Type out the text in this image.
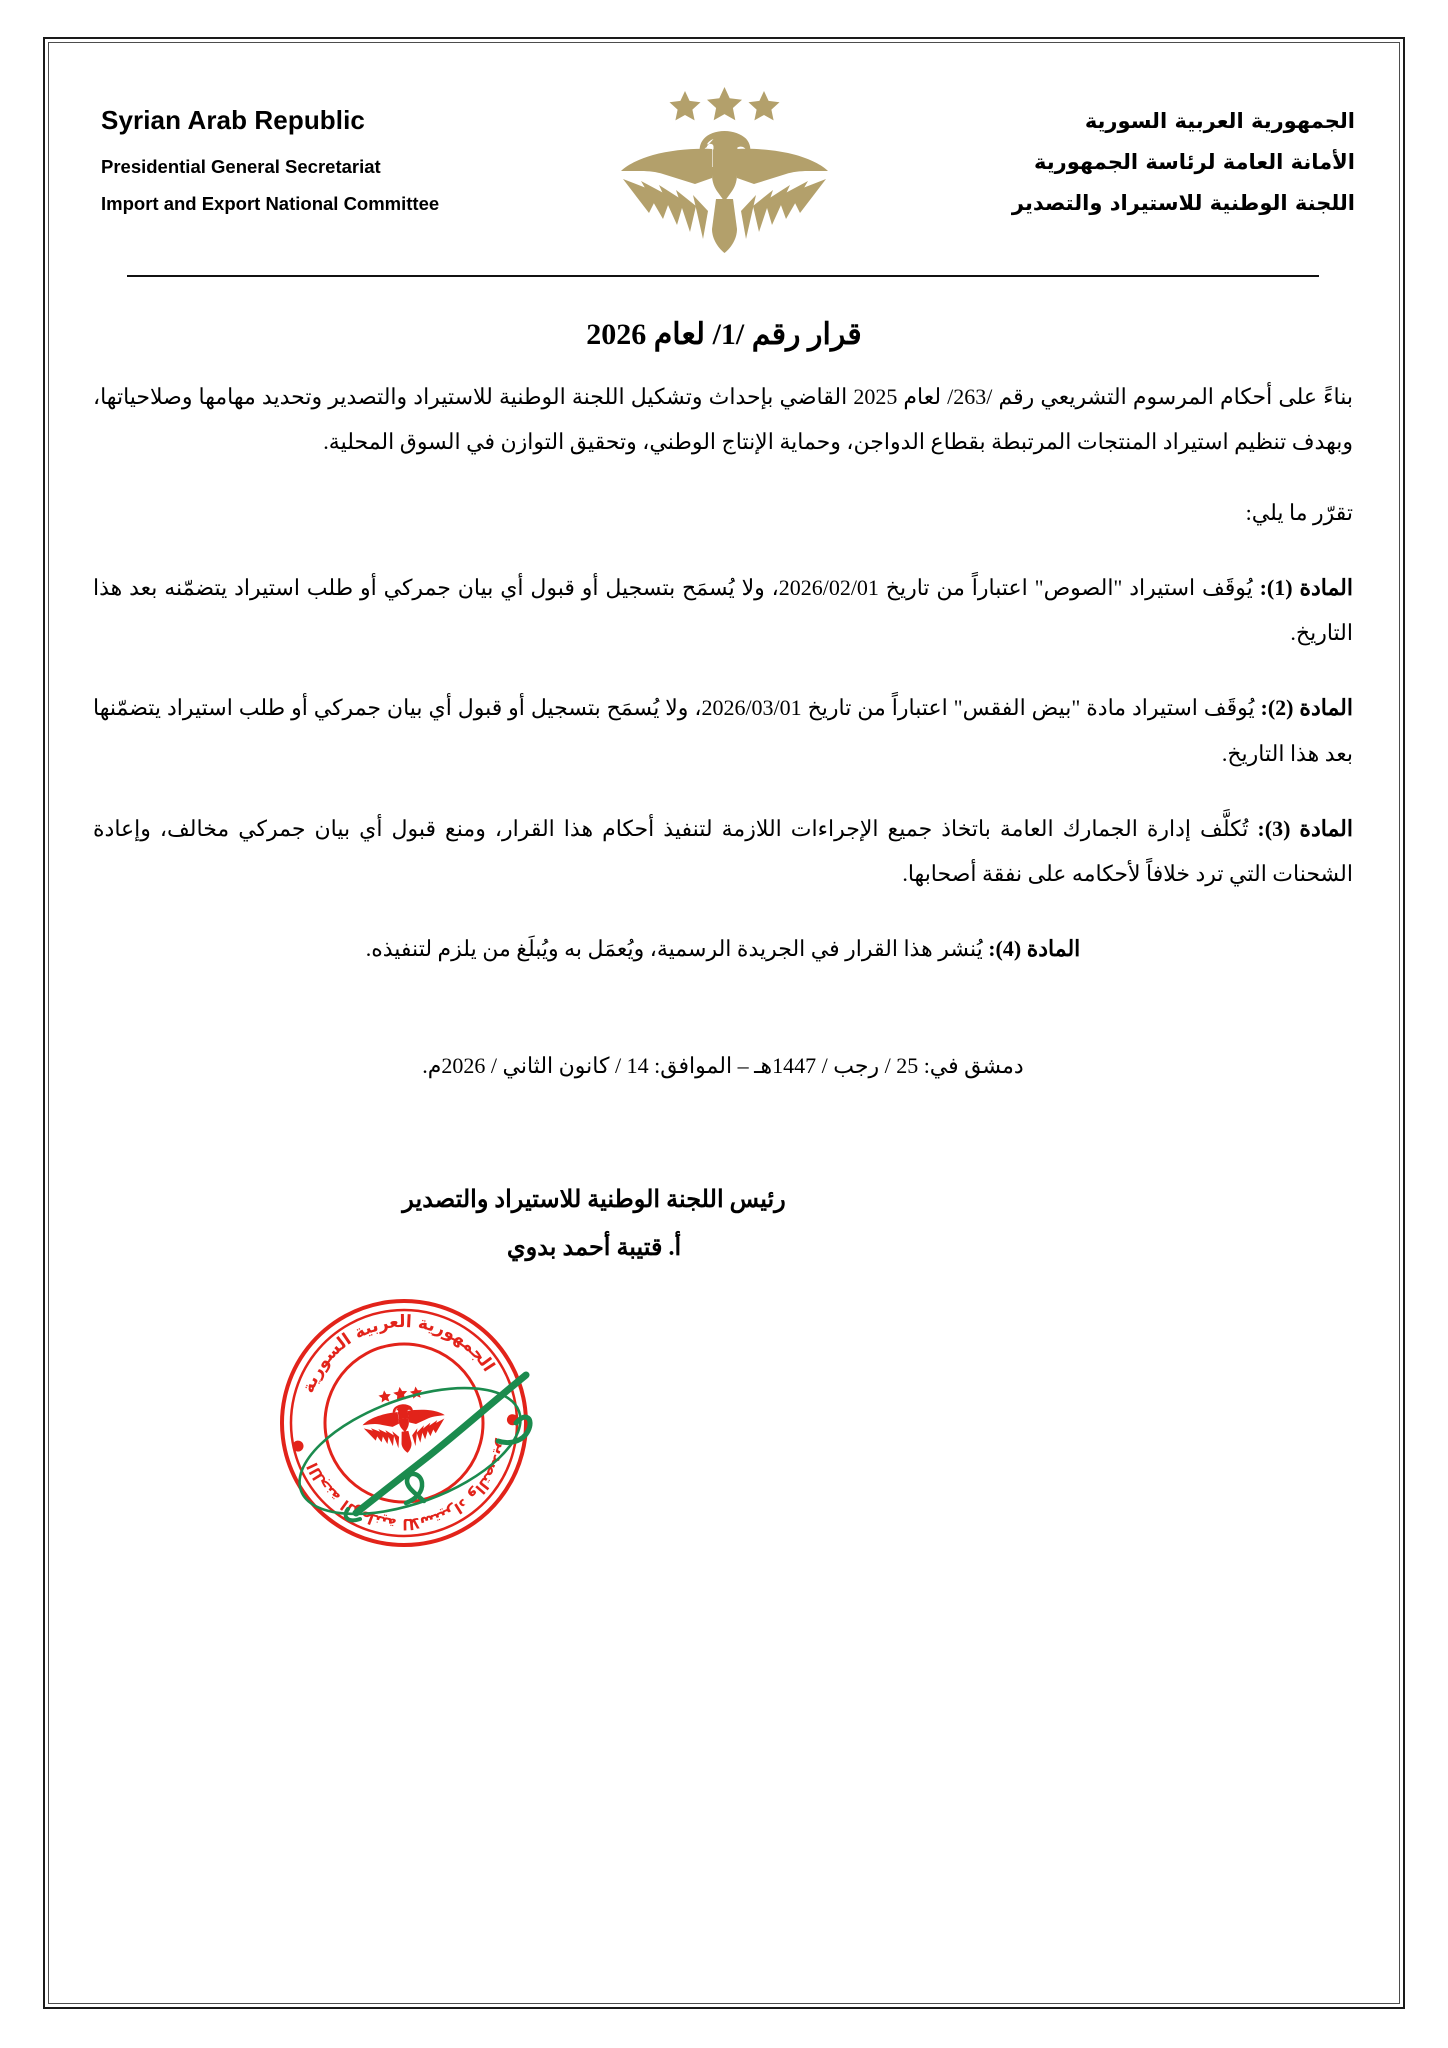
Syrian Arab Republic
Presidential General Secretariat
Import and Export National Committee
الجمهورية العربية السورية
الأمانة العامة لرئاسة الجمهورية
اللجنة الوطنية للاستيراد والتصدير
قرار رقم /1/ لعام 2026

بناءً على أحكام المرسوم التشريعي رقم /263/ لعام 2025 القاضي بإحداث وتشكيل اللجنة الوطنية للاستيراد والتصدير وتحديد مهامها وصلاحياتها، وبهدف تنظيم استيراد المنتجات المرتبطة بقطاع الدواجن، وحماية الإنتاج الوطني، وتحقيق التوازن في السوق المحلية.

تقرّر ما يلي:

المادة (1): يُوقَف استيراد "الصوص" اعتباراً من تاريخ 2026/02/01، ولا يُسمَح بتسجيل أو قبول أي بيان جمركي أو طلب استيراد يتضمّنه بعد هذا التاريخ.

المادة (2): يُوقَف استيراد مادة "بيض الفقس" اعتباراً من تاريخ 2026/03/01، ولا يُسمَح بتسجيل أو قبول أي بيان جمركي أو طلب استيراد يتضمّنها بعد هذا التاريخ.

المادة (3): تُكلَّف إدارة الجمارك العامة باتخاذ جميع الإجراءات اللازمة لتنفيذ أحكام هذا القرار، ومنع قبول أي بيان جمركي مخالف، وإعادة الشحنات التي ترد خلافاً لأحكامه على نفقة أصحابها.

المادة (4): يُنشر هذا القرار في الجريدة الرسمية، ويُعمَل به ويُبلَغ من يلزم لتنفيذه.

دمشق في: 25 / رجب / 1447هـ – الموافق: 14 / كانون الثاني / 2026م.

رئيس اللجنة الوطنية للاستيراد والتصدير
أ. قتيبة أحمد بدوي
الجمهورية العربية السورية
اللجنة الوطنية للاستيراد والتصدير
